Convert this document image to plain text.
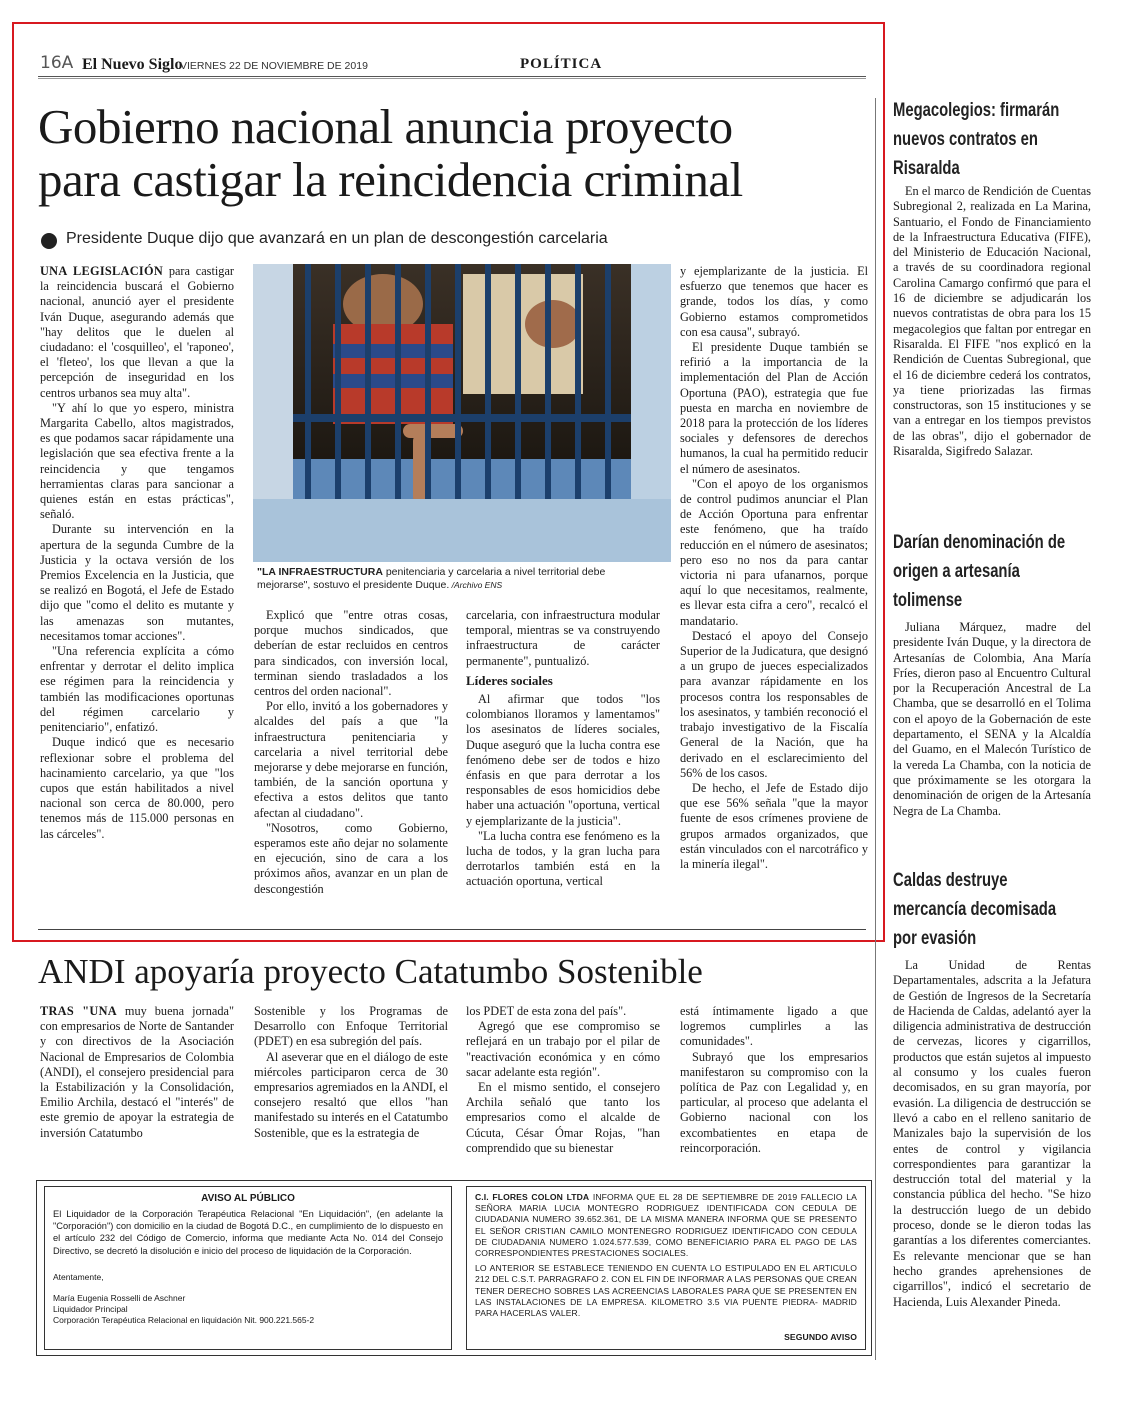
16A El Nuevo Siglo
VIERNES 22 DE NOVIEMBRE DE 2019	POLÍTICA
Gobierno nacional anuncia proyecto
para castigar la reincidencia criminal
Presidente Duque dijo que avanzará en un plan de descongestión carcelaria

UNA LEGISLACIÓN para castigar la reincidencia buscará el Gobierno nacional, anunció ayer el presidente Iván Duque, asegurando además que "hay delitos que le duelen al ciudadano: el 'cosquilleo', el 'raponeo', el 'fleteo', los que llevan a que la percepción de inseguridad en los centros urbanos sea muy alta".

"Y ahí lo que yo espero, ministra Margarita Cabello, altos magistrados, es que podamos sacar rápidamente una legislación que sea efectiva frente a la reincidencia y que tengamos herramientas claras para sancionar a quienes están en estas prácticas", señaló.

Durante su intervención en la apertura de la segunda Cumbre de la Justicia y la octava versión de los Premios Excelencia en la Justicia, que se realizó en Bogotá, el Jefe de Estado dijo que "como el delito es mutante y las amenazas son mutantes, necesitamos tomar acciones".

"Una referencia explícita a cómo enfrentar y derrotar el delito implica ese régimen para la reincidencia y también las modificaciones oportunas del régimen carcelario y penitenciario", enfatizó.

Duque indicó que es necesario reflexionar sobre el problema del hacinamiento carcelario, ya que "los cupos que están habilitados a nivel nacional son cerca de 80.000, pero tenemos más de 115.000 personas en las cárceles".

"LA INFRAESTRUCTURA penitenciaria y carcelaria a nivel territorial debe mejorarse", sostuvo el presidente Duque. /Archivo ENS

Explicó que "entre otras cosas, porque muchos sindicados, que deberían de estar recluidos en centros para sindicados, con inversión local, terminan siendo trasladados a los centros del orden nacional".

Por ello, invitó a los gobernadores y alcaldes del país a que "la infraestructura penitenciaria y carcelaria a nivel territorial debe mejorarse y debe mejorarse en función, también, de la sanción oportuna y efectiva a estos delitos que tanto afectan al ciudadano".

"Nosotros, como Gobierno, esperamos este año dejar no solamente en ejecución, sino de cara a los próximos años, avanzar en un plan de descongestión

carcelaria, con infraestructura modular temporal, mientras se va construyendo infraestructura de carácter permanente", puntualizó.

Líderes sociales

Al afirmar que todos "los colombianos lloramos y lamentamos" los asesinatos de líderes sociales, Duque aseguró que la lucha contra ese fenómeno debe ser de todos e hizo énfasis en que para derrotar a los responsables de esos homicidios debe haber una actuación "oportuna, vertical y ejemplarizante de la justicia".

"La lucha contra ese fenómeno es la lucha de todos, y la gran lucha para derrotarlos también está en la actuación oportuna, vertical

y ejemplarizante de la justicia. El esfuerzo que tenemos que hacer es grande, todos los días, y como Gobierno estamos comprometidos con esa causa", subrayó.

El presidente Duque también se refirió a la importancia de la implementación del Plan de Acción Oportuna (PAO), estrategia que fue puesta en marcha en noviembre de 2018 para la protección de los líderes sociales y defensores de derechos humanos, la cual ha permitido reducir el número de asesinatos.

"Con el apoyo de los organismos de control pudimos anunciar el Plan de Acción Oportuna para enfrentar este fenómeno, que ha traído reducción en el número de asesinatos; pero eso no nos da para cantar victoria ni para ufanarnos, porque aquí lo que necesitamos, realmente, es llevar esta cifra a cero", recalcó el mandatario.

Destacó el apoyo del Consejo Superior de la Judicatura, que designó a un grupo de jueces especializados para avanzar rápidamente en los procesos contra los responsables de los asesinatos, y también reconoció el trabajo investigativo de la Fiscalía General de la Nación, que ha derivado en el esclarecimiento del 56% de los casos.

De hecho, el Jefe de Estado dijo que ese 56% señala "que la mayor fuente de esos crímenes proviene de grupos armados organizados, que están vinculados con el narcotráfico y la minería ilegal".

ANDI apoyaría proyecto Catatumbo Sostenible

TRAS "UNA muy buena jornada" con empresarios de Norte de Santander y con directivos de la Asociación Nacional de Empresarios de Colombia (ANDI), el consejero presidencial para la Estabilización y la Consolidación, Emilio Archila, destacó el "interés" de este gremio de apoyar la estrategia de inversión Catatumbo

Sostenible y los Programas de Desarrollo con Enfoque Territorial (PDET) en esa subregión del país.

Al aseverar que en el diálogo de este miércoles participaron cerca de 30 empresarios agremiados en la ANDI, el consejero resaltó que ellos "han manifestado su interés en el Catatumbo Sostenible, que es la estrategia de

los PDET de esta zona del país".

Agregó que ese compromiso se reflejará en un trabajo por el pilar de "reactivación económica y en cómo sacar adelante esta región".

En el mismo sentido, el consejero Archila señaló que tanto los empresarios como el alcalde de Cúcuta, César Ómar Rojas, "han comprendido que su bienestar

está íntimamente ligado a que logremos cumplirles a las comunidades".

Subrayó que los empresarios manifestaron su compromiso con la política de Paz con Legalidad y, en particular, al proceso que adelanta el Gobierno nacional con los excombatientes en etapa de reincorporación.

AVISO AL PÚBLICO
El Liquidador de la Corporación Terapéutica Relacional "En Liquidación", (en adelante la "Corporación") con domicilio en la ciudad de Bogotá D.C., en cumplimiento de lo dispuesto en el artículo 232 del Código de Comercio, informa que mediante Acta No. 014 del Consejo Directivo, se decretó la disolución e inicio del proceso de liquidación de la Corporación.
Atentamente,
María Eugenia Rosselli de Aschner
Liquidador Principal
Corporación Terapéutica Relacional en liquidación Nit. 900.221.565-2
C.I. FLORES COLON LTDA INFORMA QUE EL 28 DE SEPTIEMBRE DE 2019 FALLECIO LA SEÑORA MARIA LUCIA MONTEGRO RODRIGUEZ IDENTIFICADA CON CEDULA DE CIUDADANIA NUMERO 39.652.361, DE LA MISMA MANERA INFORMA QUE SE PRESENTO EL SEÑOR CRISTIAN CAMILO MONTENEGRO RODRIGUEZ IDENTIFICADO CON CEDULA DE CIUDADANIA NUMERO 1.024.577.539, COMO BENEFICIARIO PARA EL PAGO DE LAS CORRESPONDIENTES PRESTACIONES SOCIALES.
LO ANTERIOR SE ESTABLECE TENIENDO EN CUENTA LO ESTIPULADO EN EL ARTICULO 212 DEL C.S.T. PARRAGRAFO 2. CON EL FIN DE INFORMAR A LAS PERSONAS QUE CREAN TENER DERECHO SOBRES LAS ACREENCIAS LABORALES PARA QUE SE PRESENTEN EN LAS INSTALACIONES DE LA EMPRESA. KILOMETRO 3.5 VIA PUENTE PIEDRA- MADRID PARA HACERLAS VALER.
SEGUNDO AVISO
Megacolegios: firmarán nuevos contratos en Risaralda

En el marco de Rendición de Cuentas Subregional 2, realizada en La Marina, Santuario, el Fondo de Financiamiento de la Infraestructura Educativa (FIFE), del Ministerio de Educación Nacional, a través de su coordinadora regional Carolina Camargo confirmó que para el 16 de diciembre se adjudicarán los nuevos contratistas de obra para los 15 megacolegios que faltan por entregar en Risaralda. El FIFE "nos explicó en la Rendición de Cuentas Subregional, que el 16 de diciembre cederá los contratos, ya tiene priorizadas las firmas constructoras, son 15 instituciones y se van a entregar en los tiempos previstos de las obras", dijo el gobernador de Risaralda, Sigifredo Salazar.

Darían denominación de origen a artesanía tolimense

Juliana Márquez, madre del presidente Iván Duque, y la directora de Artesanías de Colombia, Ana María Fríes, dieron paso al Encuentro Cultural por la Recuperación Ancestral de La Chamba, que se desarrolló en el Tolima con el apoyo de la Gobernación de este departamento, el SENA y la Alcaldía del Guamo, en el Malecón Turístico de la vereda La Chamba, con la noticia de que próximamente se les otorgara la denominación de origen de la Artesanía Negra de La Chamba.

Caldas destruye mercancía decomisada por evasión

La Unidad de Rentas Departamentales, adscrita a la Jefatura de Gestión de Ingresos de la Secretaría de Hacienda de Caldas, adelantó ayer la diligencia administrativa de destrucción de cervezas, licores y cigarrillos, productos que están sujetos al impuesto al consumo y los cuales fueron decomisados, en su gran mayoría, por evasión. La diligencia de destrucción se llevó a cabo en el relleno sanitario de Manizales bajo la supervisión de los entes de control y vigilancia correspondientes para garantizar la destrucción total del material y la constancia pública del hecho. "Se hizo la destrucción luego de un debido proceso, donde se le dieron todas las garantías a los diferentes comerciantes. Es relevante mencionar que se han hecho grandes aprehensiones de cigarrillos", indicó el secretario de Hacienda, Luis Alexander Pineda.
